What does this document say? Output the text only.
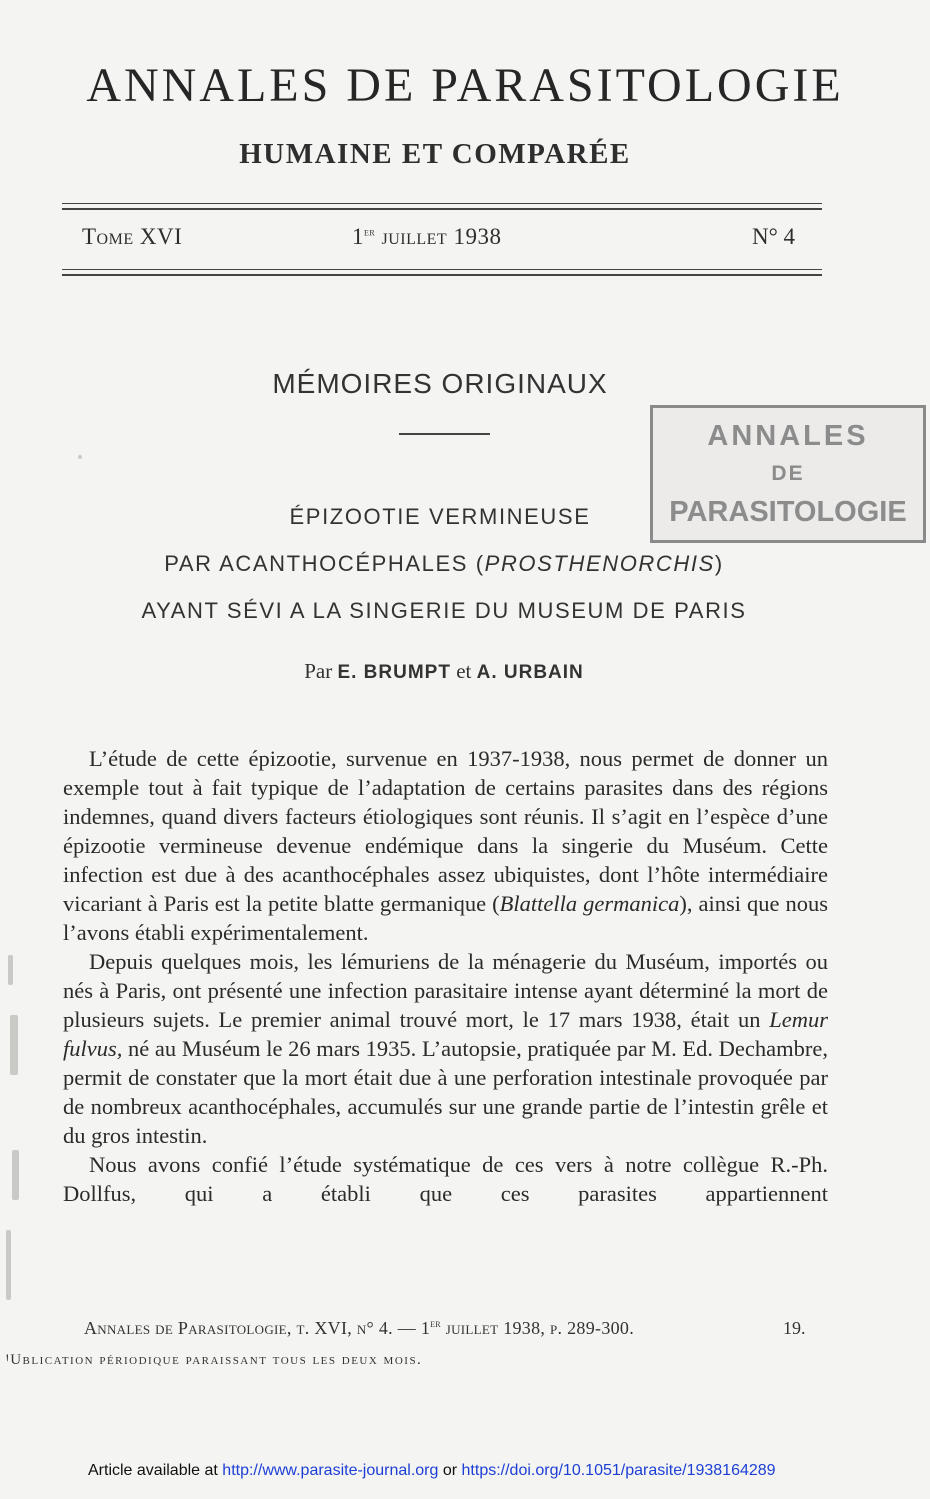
ANNALES DE PARASITOLOGIE
HUMAINE ET COMPARÉE
Tome XVI	1er juillet 1938	N° 4
MÉMOIRES ORIGINAUX
ANNALES
DE
PARASITOLOGIE
ÉPIZOOTIE VERMINEUSE
PAR ACANTHOCÉPHALES (PROSTHENORCHIS)
AYANT SÉVI A LA SINGERIE DU MUSEUM DE PARIS
Par E. BRUMPT et A. URBAIN

L’étude de cette épizootie, survenue en 1937-1938, nous permet de donner un exemple tout à fait typique de l’adaptation de certains parasites dans des régions indemnes, quand divers facteurs étiologiques sont réunis. Il s’agit en l’espèce d’une épizootie vermineuse devenue endémique dans la singerie du Muséum. Cette infection est due à des acanthocéphales assez ubiquistes, dont l’hôte intermédiaire vicariant à Paris est la petite blatte germanique (Blattella germanica), ainsi que nous l’avons établi expérimentalement.

Depuis quelques mois, les lémuriens de la ménagerie du Muséum, importés ou nés à Paris, ont présenté une infection parasitaire intense ayant déterminé la mort de plusieurs sujets. Le premier animal trouvé mort, le 17 mars 1938, était un Lemur fulvus, né au Muséum le 26 mars 1935. L’autopsie, pratiquée par M. Ed. Dechambre, permit de constater que la mort était due à une perforation intestinale provoquée par de nombreux acanthocéphales, accumulés sur une grande partie de l’intestin grêle et du gros intestin.

Nous avons confié l’étude systématique de ces vers à notre collègue R.-Ph. Dollfus, qui a établi que ces parasites appartiennent

Annales de Parasitologie, t. XVI, n° 4. — 1er juillet 1938, p. 289-300.	19.
ꞋUblication périodique paraissant tous les deux mois.
Article available at http://www.parasite-journal.org or https://doi.org/10.1051/parasite/1938164289
